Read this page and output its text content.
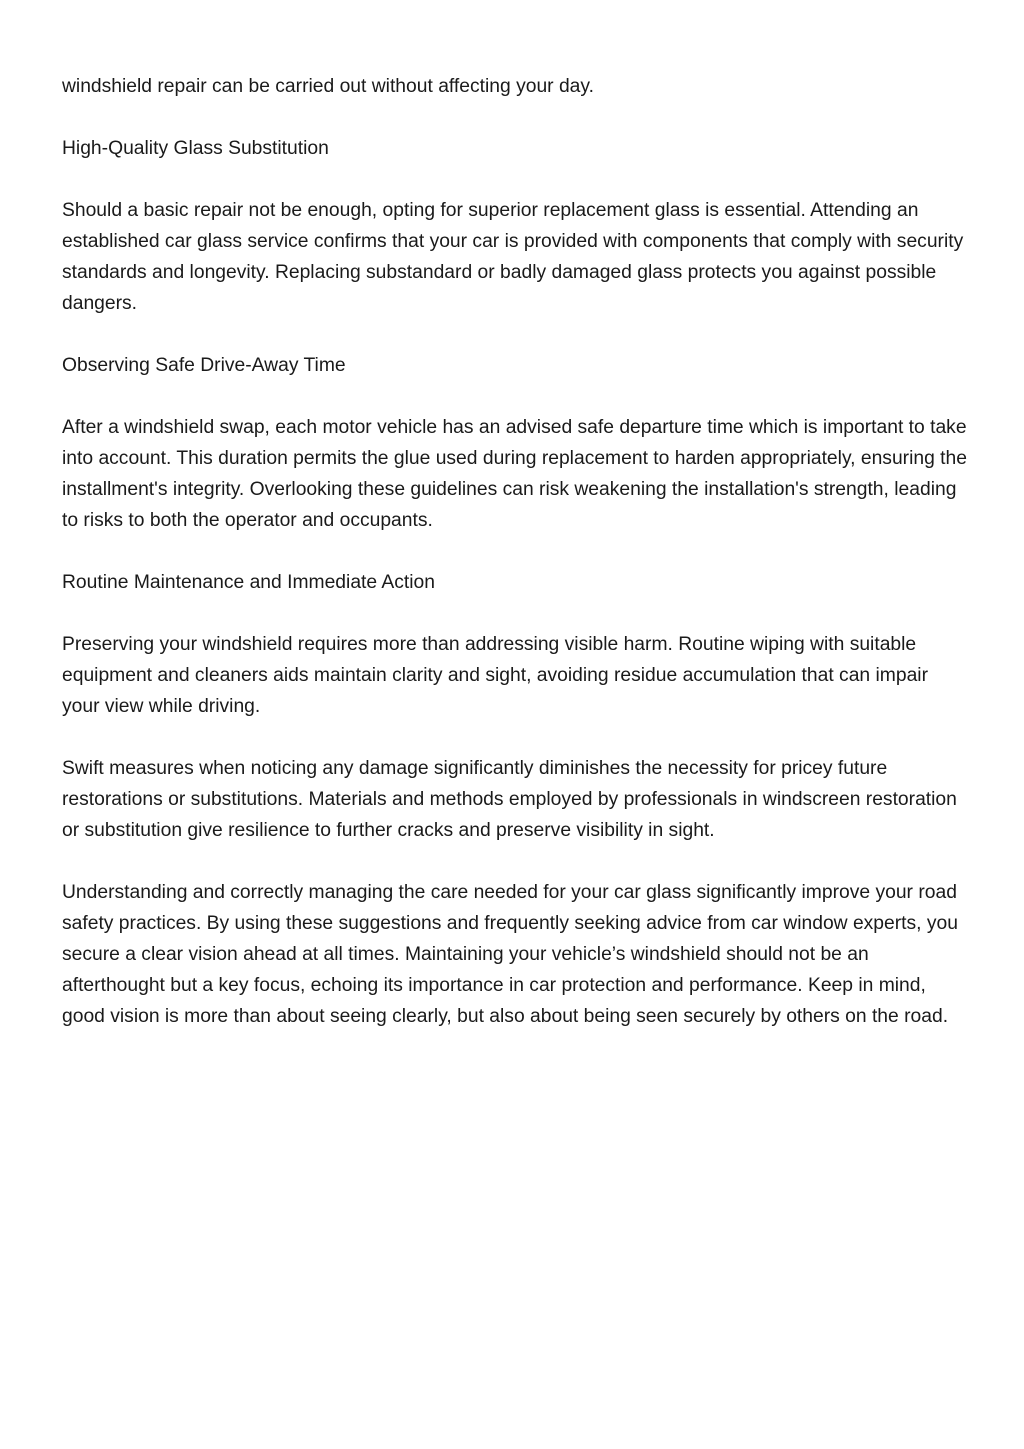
windshield repair can be carried out without affecting your day.

High-Quality Glass Substitution

Should a basic repair not be enough, opting for superior replacement glass is essential. Attending an established car glass service confirms that your car is provided with components that comply with security standards and longevity. Replacing substandard or badly damaged glass protects you against possible dangers.

Observing Safe Drive-Away Time

After a windshield swap, each motor vehicle has an advised safe departure time which is important to take into account. This duration permits the glue used during replacement to harden appropriately, ensuring the installment's integrity. Overlooking these guidelines can risk weakening the installation's strength, leading to risks to both the operator and occupants.

Routine Maintenance and Immediate Action

Preserving your windshield requires more than addressing visible harm. Routine wiping with suitable equipment and cleaners aids maintain clarity and sight, avoiding residue accumulation that can impair your view while driving.

Swift measures when noticing any damage significantly diminishes the necessity for pricey future restorations or substitutions. Materials and methods employed by professionals in windscreen restoration or substitution give resilience to further cracks and preserve visibility in sight.

Understanding and correctly managing the care needed for your car glass significantly improve your road safety practices. By using these suggestions and frequently seeking advice from car window experts, you secure a clear vision ahead at all times. Maintaining your vehicle’s windshield should not be an afterthought but a key focus, echoing its importance in car protection and performance. Keep in mind, good vision is more than about seeing clearly, but also about being seen securely by others on the road.
